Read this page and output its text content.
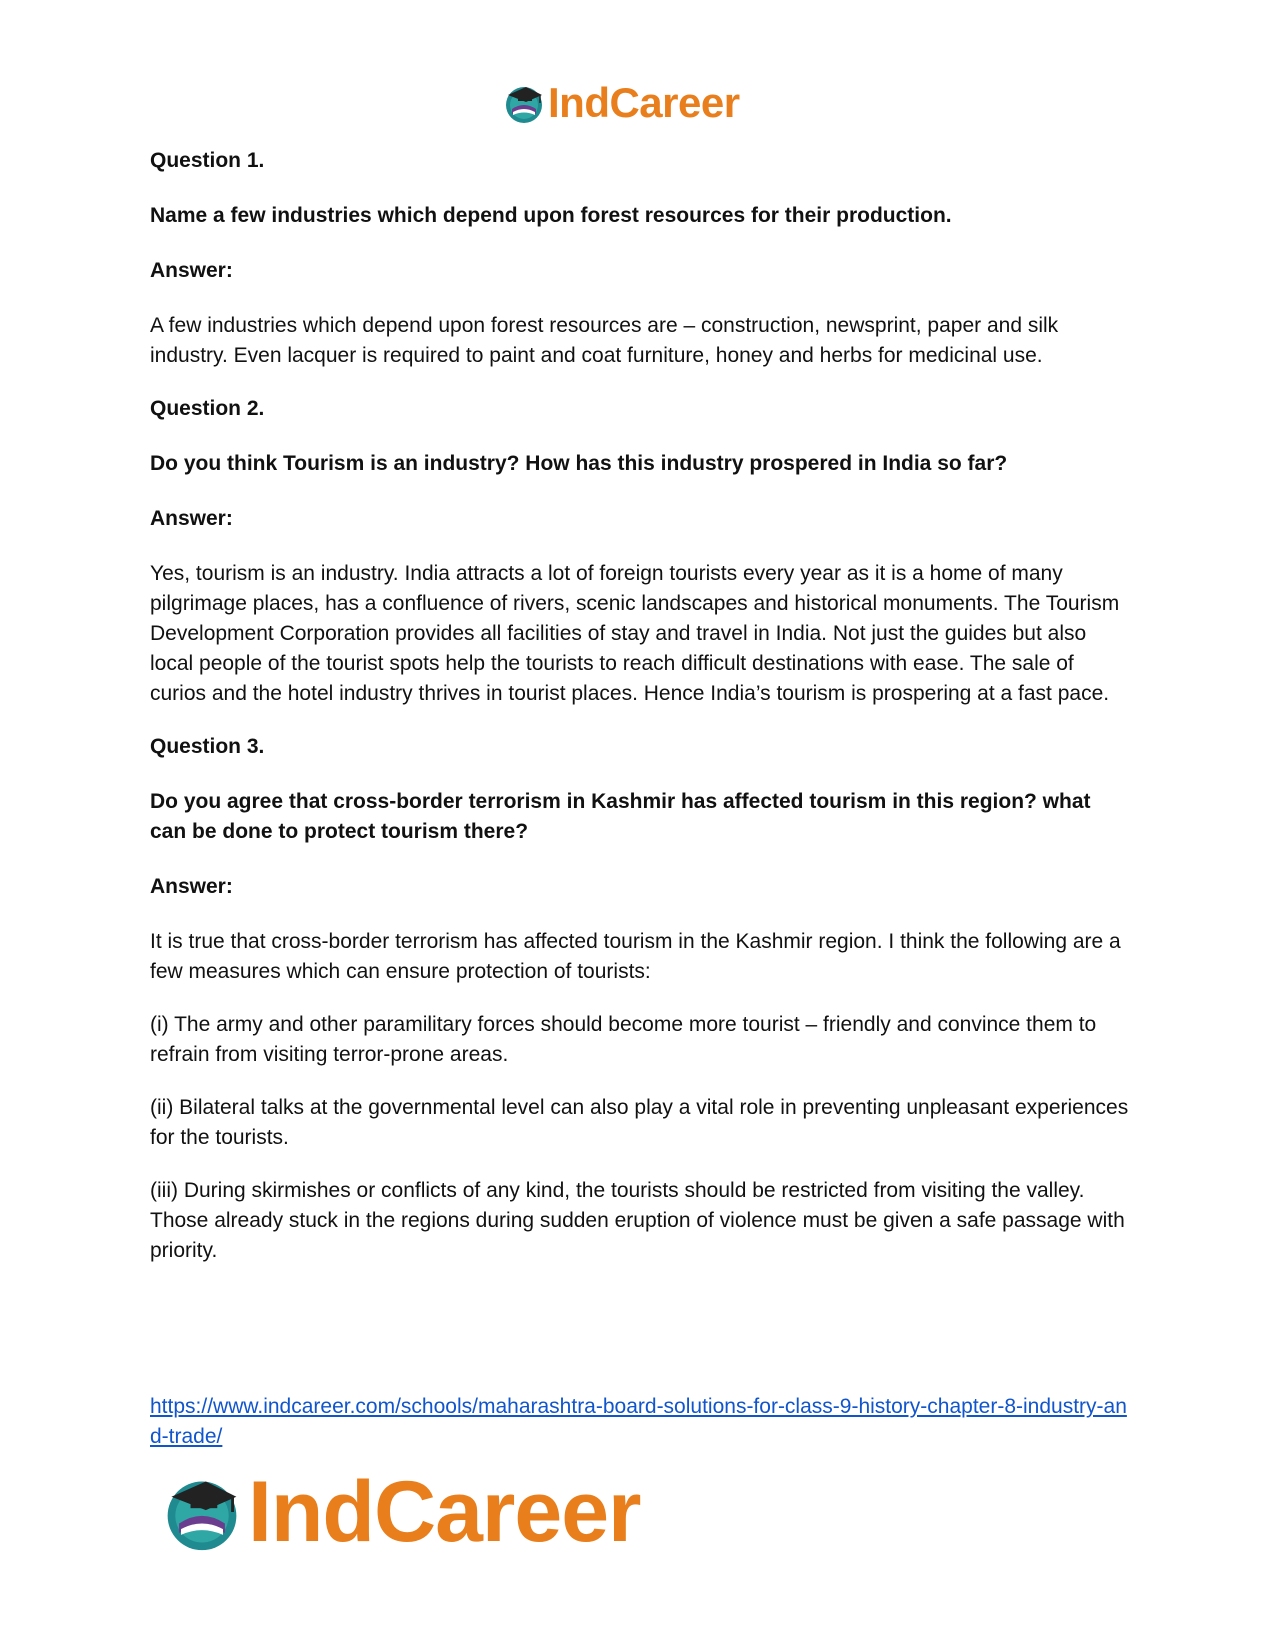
IndCareer

Question 1.

Name a few industries which depend upon forest resources for their production.

Answer:

A few industries which depend upon forest resources are – construction, newsprint, paper and silk industry. Even lacquer is required to paint and coat furniture, honey and herbs for medicinal use.

Question 2.

Do you think Tourism is an industry? How has this industry prospered in India so far?

Answer:

Yes, tourism is an industry. India attracts a lot of foreign tourists every year as it is a home of many pilgrimage places, has a confluence of rivers, scenic landscapes and historical monuments. The Tourism Development Corporation provides all facilities of stay and travel in India. Not just the guides but also local people of the tourist spots help the tourists to reach difficult destinations with ease. The sale of curios and the hotel industry thrives in tourist places. Hence India’s tourism is prospering at a fast pace.

Question 3.

Do you agree that cross-border terrorism in Kashmir has affected tourism in this region? what can be done to protect tourism there?

Answer:

It is true that cross-border terrorism has affected tourism in the Kashmir region. I think the following are a few measures which can ensure protection of tourists:

(i) The army and other paramilitary forces should become more tourist – friendly and convince them to refrain from visiting terror-prone areas.

(ii) Bilateral talks at the governmental level can also play a vital role in preventing unpleasant experiences for the tourists.

(iii) During skirmishes or conflicts of any kind, the tourists should be restricted from visiting the valley. Those already stuck in the regions during sudden eruption of violence must be given a safe passage with priority.

https://www.indcareer.com/schools/maharashtra-board-solutions-for-class-9-history-chapter-8-industry-and-trade/
IndCareer
